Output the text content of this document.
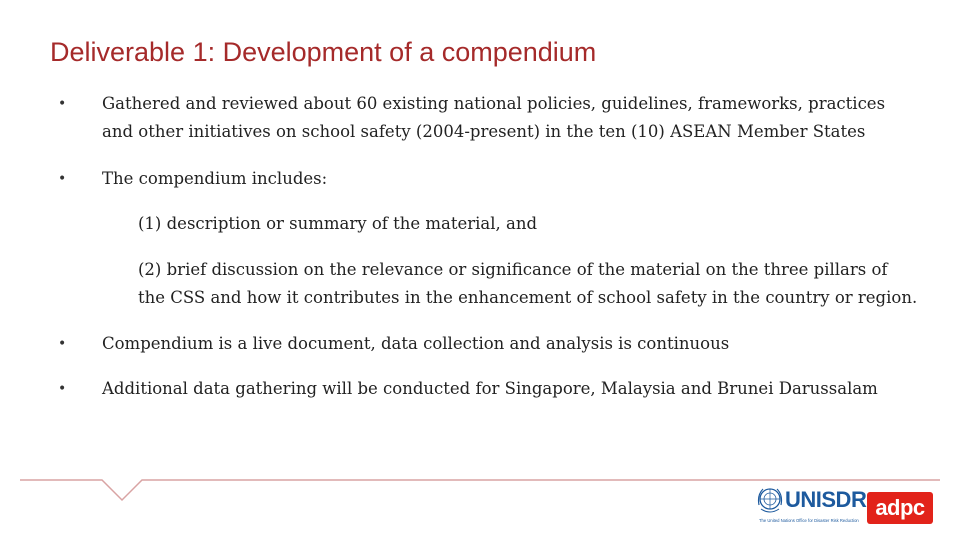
Deliverable 1: Development of a compendium
• Gathered and reviewed about 60 existing national policies, guidelines, frameworks, practices
and other initiatives on school safety (2004-present) in the ten (10) ASEAN Member States
• The compendium includes:
(1) description or summary of the material, and
(2) brief discussion on the relevance or significance of the material on the three pillars of
the CSS and how it contributes in the enhancement of school safety in the country or region.
• Compendium is a live document, data collection and analysis is continuous
• Additional data gathering will be conducted for Singapore, Malaysia and Brunei Darussalam
UNISDR
The United Nations Office for Disaster Risk Reduction
adpc
